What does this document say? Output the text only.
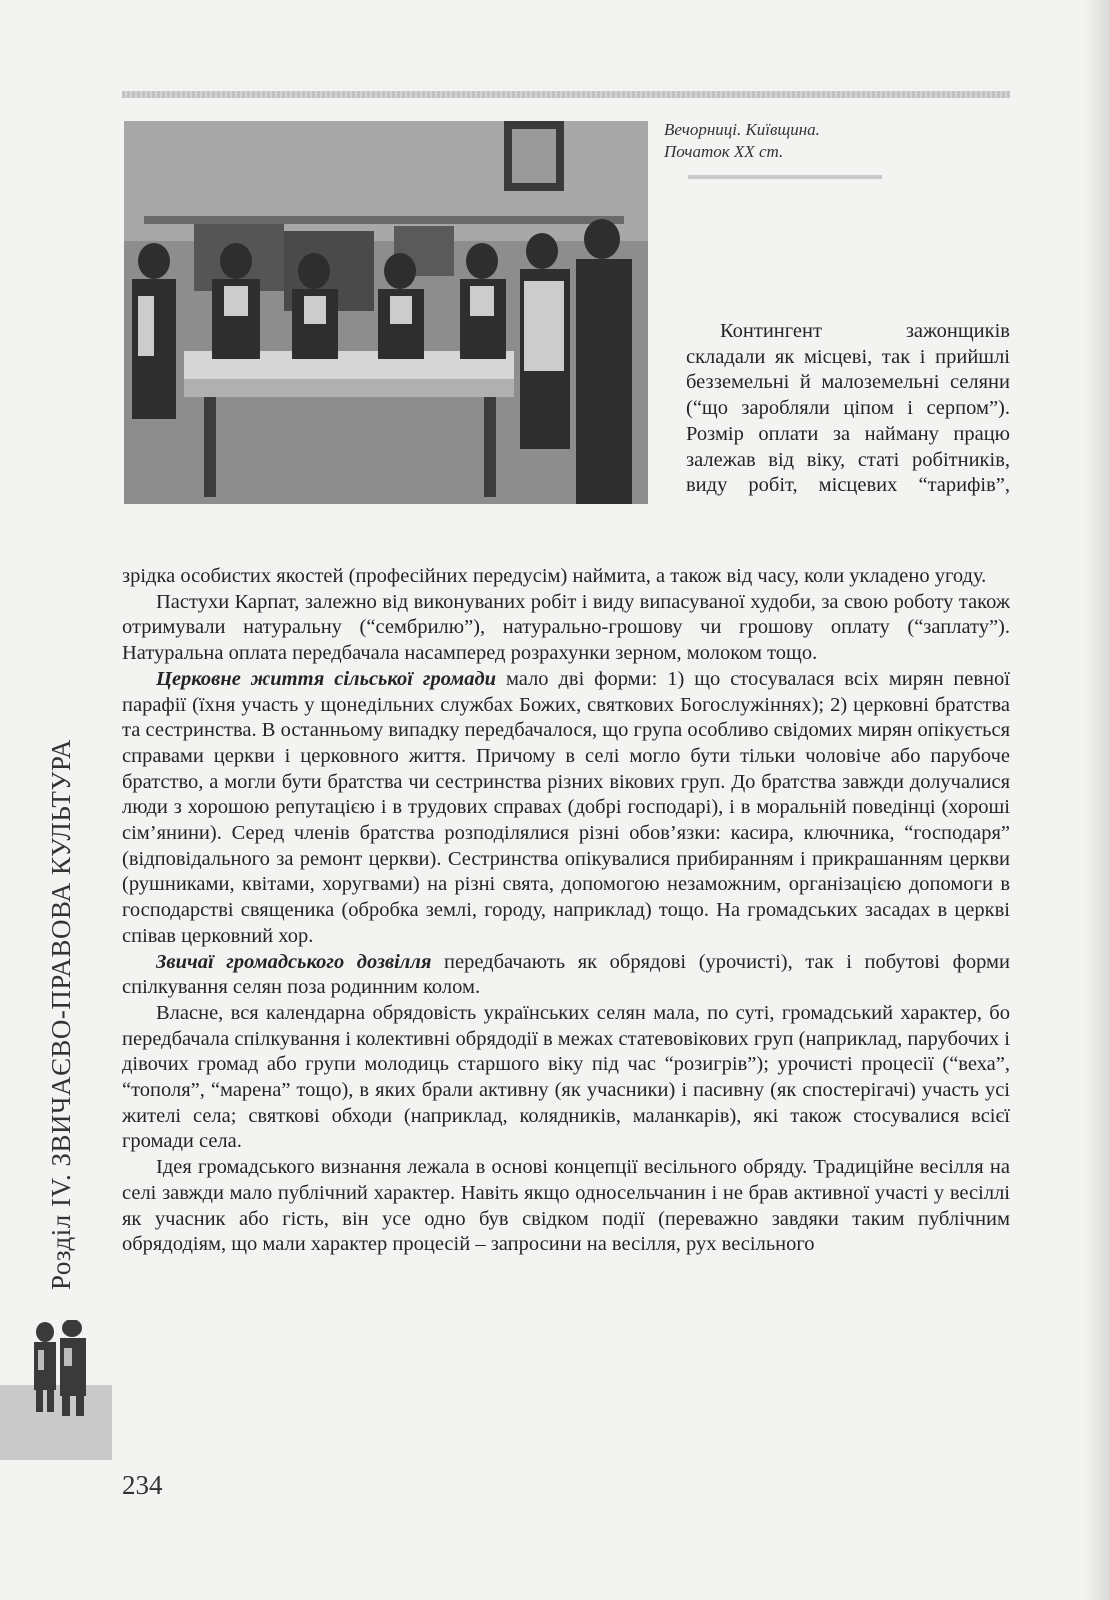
Вечорниці. Київщина.
Початок XX ст.

Контингент зажонщиків складали як місцеві, так і прийшлі безземельні й малоземельні селяни (“що заробляли ціпом і серпом”). Розмір оплати за найману працю залежав від віку, статі робітників, виду робіт, місцевих “тарифів”,

зрідка особистих якостей (професійних передусім) наймита, а також від часу, коли укладено угоду.

Пастухи Карпат, залежно від виконуваних робіт і виду випасуваної худоби, за свою роботу також отримували натуральну (“сембрилю”), натурально-грошову чи грошову оплату (“заплату”). Натуральна оплата передбачала насамперед розрахунки зерном, молоком тощо.

Церковне життя сільської громади мало дві форми: 1) що стосувалася всіх мирян певної парафії (їхня участь у щонедільних службах Божих, святкових Богослужіннях); 2) церковні братства та сестринства. В останньому випадку передбачалося, що група особливо свідомих мирян опікується справами церкви і церковного життя. Причому в селі могло бути тільки чоловіче або парубоче братство, а могли бути братства чи сестринства різних вікових груп. До братства завжди долучалися люди з хорошою репутацією і в трудових справах (добрі господарі), і в моральній поведінці (хороші сім’янини). Серед членів братства розподілялися різні обов’язки: касира, ключника, “господаря” (відповідального за ремонт церкви). Сестринства опікувалися прибиранням і прикрашанням церкви (рушниками, квітами, хоругвами) на різні свята, допомогою незаможним, організацією допомоги в господарстві священика (обробка землі, городу, наприклад) тощо. На громадських засадах в церкві співав церковний хор.

Звичаї громадського дозвілля передбачають як обрядові (урочисті), так і побутові форми спілкування селян поза родинним колом.

Власне, вся календарна обрядовість українських селян мала, по суті, громадський характер, бо передбачала спілкування і колективні обрядодії в межах статевовікових груп (наприклад, парубочих і дівочих громад або групи молодиць старшого віку під час “розигрів”); урочисті процесії (“веха”, “тополя”, “марена” тощо), в яких брали активну (як учасники) і пасивну (як спостерігачі) участь усі жителі села; святкові обходи (наприклад, колядників, маланкарів), які також стосувалися всієї громади села.

Ідея громадського визнання лежала в основі концепції весільного обряду. Традиційне весілля на селі завжди мало публічний характер. Навіть якщо односельчанин і не брав активної участі у весіллі як учасник або гість, він усе одно був свідком події (переважно завдяки таким публічним обрядодіям, що мали характер процесій – запросини на весілля, рух весільного

Розділ IV. ЗВИЧАЄВО-ПРАВОВА КУЛЬТУРА
234
